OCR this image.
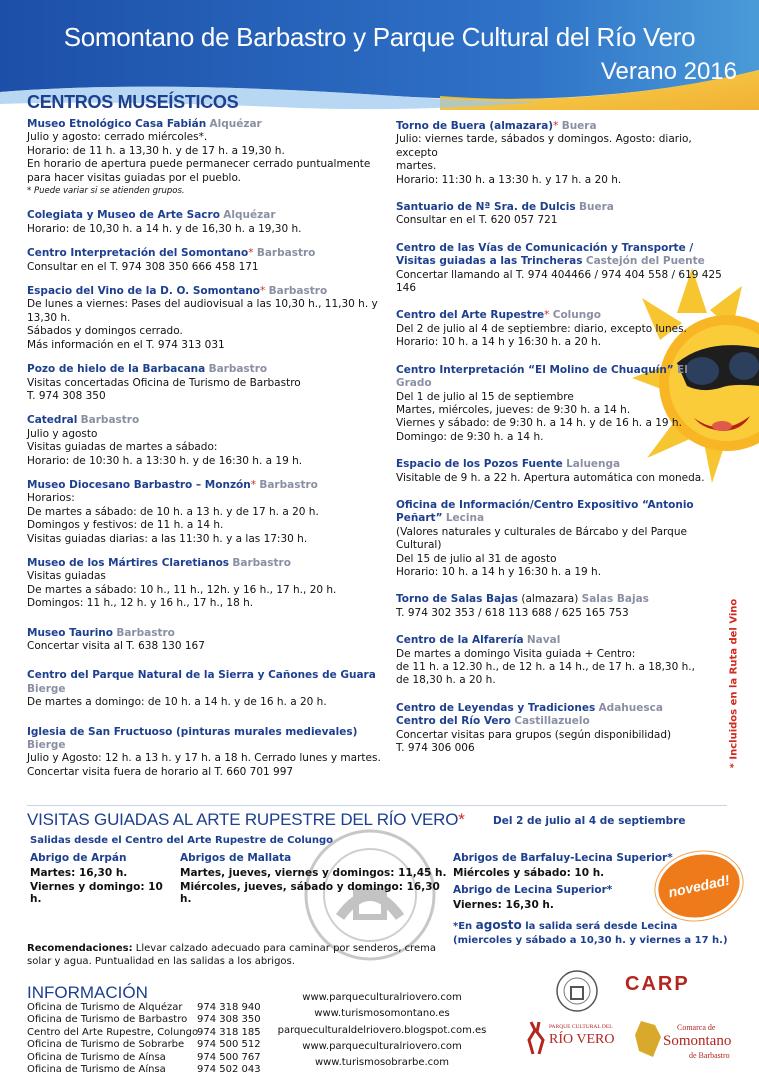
Somontano de Barbastro y Parque Cultural del Río Vero
Verano 2016
CENTROS MUSEÍSTICOS
Museo Etnológico Casa Fabián Alquézar
Julio y agosto: cerrado miércoles*.
Horario: de 11 h. a 13,30 h. y de 17 h. a 19,30 h.
En horario de apertura puede permanecer cerrado puntualmente
para hacer visitas guiadas por el pueblo.
* Puede variar si se atienden grupos.
Colegiata y Museo de Arte Sacro Alquézar
Horario: de 10,30 h. a 14 h. y de 16,30 h. a 19,30 h.
Centro Interpretación del Somontano* Barbastro
Consultar en el T. 974 308 350 666 458 171
Espacio del Vino de la D. O. Somontano* Barbastro
De lunes a viernes: Pases del audiovisual a las 10,30 h., 11,30 h. y
13,30 h.
Sábados y domingos cerrado.
Más información en el T. 974 313 031
Pozo de hielo de la Barbacana Barbastro
Visitas concertadas Oficina de Turismo de Barbastro
T. 974 308 350
Catedral Barbastro
Julio y agosto
Visitas guiadas de martes a sábado:
Horario: de 10:30 h. a 13:30 h. y de 16:30 h. a 19 h.
Museo Diocesano Barbastro – Monzón* Barbastro
Horarios:
De martes a sábado: de 10 h. a 13 h. y de 17 h. a 20 h.
Domingos y festivos: de 11 h. a 14 h.
Visitas guiadas diarias: a las 11:30 h. y a las 17:30 h.
Museo de los Mártires Claretianos Barbastro
Visitas guiadas
De martes a sábado: 10 h., 11 h., 12h. y 16 h., 17 h., 20 h.
Domingos: 11 h., 12 h. y 16 h., 17 h., 18 h.
Museo Taurino Barbastro
Concertar visita al T. 638 130 167
Centro del Parque Natural de la Sierra y Cañones de Guara Bierge
De martes a domingo: de 10 h. a 14 h. y de 16 h. a 20 h.
Iglesia de San Fructuoso (pinturas murales medievales) Bierge
Julio y Agosto: 12 h. a 13 h. y 17 h. a 18 h. Cerrado lunes y martes.
Concertar visita fuera de horario al T. 660 701 997
Torno de Buera (almazara)* Buera
Julio: viernes tarde, sábados y domingos. Agosto: diario, excepto
martes.
Horario: 11:30 h. a 13:30 h. y 17 h. a 20 h.
Santuario de Nª Sra. de Dulcis Buera
Consultar en el T. 620 057 721
Centro de las Vías de Comunicación y Transporte /
Visitas guiadas a las Trincheras Castejón del Puente
Concertar llamando al T. 974 404466 / 974 404 558 / 619 425 146
Centro del Arte Rupestre* Colungo
Del 2 de julio al 4 de septiembre: diario, excepto lunes.
Horario: 10 h. a 14 h y 16:30 h. a 20 h.
Centro Interpretación “El Molino de Chuaquín” El Grado
Del 1 de julio al 15 de septiembre
Martes, miércoles, jueves: de 9:30 h. a 14 h.
Viernes y sábado: de 9:30 h. a 14 h. y de 16 h. a 19 h.
Domingo: de 9:30 h. a 14 h.
Espacio de los Pozos Fuente Laluenga
Visitable de 9 h. a 22 h. Apertura automática con moneda.
Oficina de Información/Centro Expositivo “Antonio Peñart” Lecina
(Valores naturales y culturales de Bárcabo y del Parque Cultural)
Del 15 de julio al 31 de agosto
Horario: 10 h. a 14 h y 16:30 h. a 19 h.
Torno de Salas Bajas (almazara) Salas Bajas
T. 974 302 353 / 618 113 688 / 625 165 753
Centro de la Alfarería Naval
De martes a domingo Visita guiada + Centro:
de 11 h. a 12.30 h., de 12 h. a 14 h., de 17 h. a 18,30 h.,
de 18,30 h. a 20 h.
Centro de Leyendas y Tradiciones Adahuesca
Centro del Río Vero Castillazuelo
Concertar visitas para grupos (según disponibilidad)
T. 974 306 006	* Incluidos en la Ruta del Vino
VISITAS GUIADAS AL ARTE RUPESTRE DEL RÍO VERO*	Del 2 de julio al 4 de septiembre
Salidas desde el Centro del Arte Rupestre de Colungo
Abrigo de Arpán
Martes: 16,30 h.
Viernes y domingo: 10 h.
Abrigos de Mallata
Martes, jueves, viernes y domingos: 11,45 h.
Miércoles, jueves, sábado y domingo: 16,30 h.
Abrigos de Barfaluy-Lecina Superior*
Miércoles y sábado: 10 h.
Abrigo de Lecina Superior*
Viernes: 16,30 h.
*En agosto la salida será desde Lecina
(miercoles y sábado a 10,30 h. y viernes a 17 h.)
novedad!
Recomendaciones: Llevar calzado adecuado para caminar por senderos, crema solar y agua. Puntualidad en las salidas a los abrigos.
INFORMACIÓN
Oficina de Turismo de Alquézar 974 318 940
Oficina de Turismo de Barbastro 974 308 350
Centro del Arte Rupestre, Colungo974 318 185
Oficina de Turismo de Sobrarbe 974 500 512
Oficina de Turismo de Aínsa	974 500 767
Oficina de Turismo de Aínsa	974 502 043
www.parqueculturalriovero.com
www.turismosomontano.es
parqueculturaldelriovero.blogspot.com.es
www.parqueculturalriovero.com
www.turismosobrarbe.com
CARP
PARQUE CULTURAL DEL
RÍO VERO
Comarca de
Somontano
de Barbastro
